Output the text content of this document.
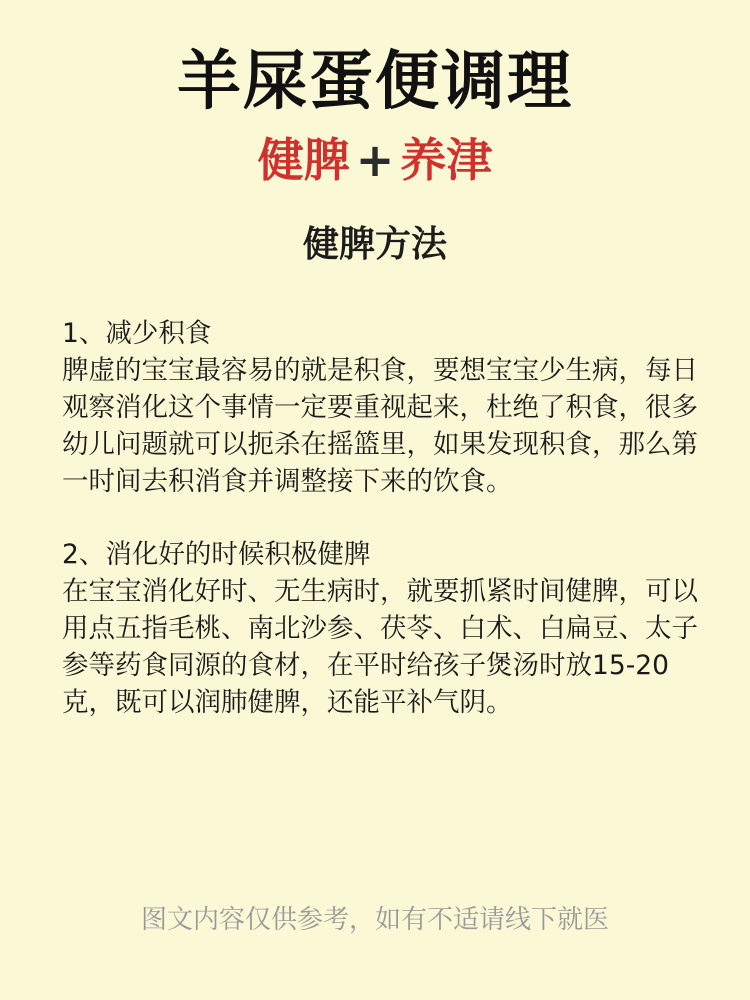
羊屎蛋便调理
健脾 + 养津
健脾方法

1、减少积食

脾虚的宝宝最容易的就是积食，要想宝宝少生病，每日观察消化这个事情一定要重视起来，杜绝了积食，很多幼儿问题就可以扼杀在摇篮里，如果发现积食，那么第一时间去积消食并调整接下来的饮食。

2、消化好的时候积极健脾

在宝宝消化好时、无生病时，就要抓紧时间健脾，可以用点五指毛桃、南北沙参、茯苓、白术、白扁豆、太子参等药食同源的食材，在平时给孩子煲汤时放15-20克，既可以润肺健脾，还能平补气阴。

图文内容仅供参考，如有不适请线下就医
